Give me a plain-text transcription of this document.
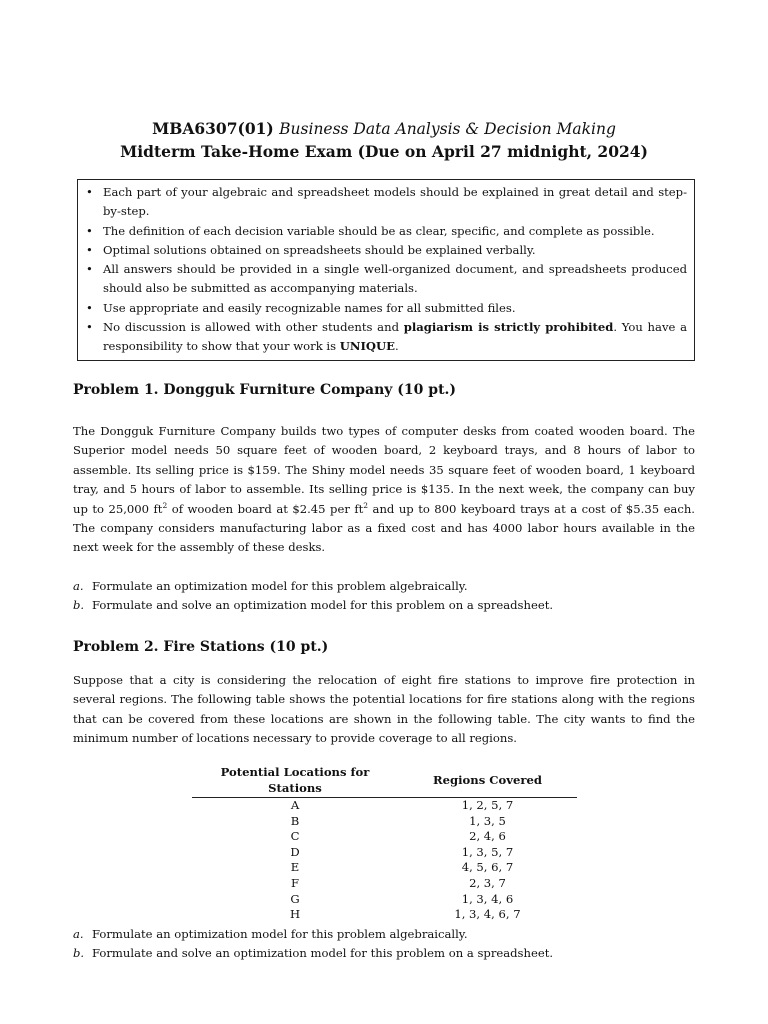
MBA6307(01) Business Data Analysis & Decision Making
Midterm Take-Home Exam (Due on April 27 midnight, 2024)
• Each part of your algebraic and spreadsheet models should be explained in great detail and step-by-step.
• The definition of each decision variable should be as clear, specific, and complete as possible.
• Optimal solutions obtained on spreadsheets should be explained verbally.
• All answers should be provided in a single well-organized document, and spreadsheets produced should also be submitted as accompanying materials.
• Use appropriate and easily recognizable names for all submitted files.
• No discussion is allowed with other students and plagiarism is strictly prohibited. You have a responsibility to show that your work is UNIQUE.
Problem 1. Dongguk Furniture Company (10 pt.)
The Dongguk Furniture Company builds two types of computer desks from coated wooden board. The Superior model needs 50 square feet of wooden board, 2 keyboard trays, and 8 hours of labor to assemble. Its selling price is $159. The Shiny model needs 35 square feet of wooden board, 1 keyboard tray, and 5 hours of labor to assemble. Its selling price is $135. In the next week, the company can buy up to 25,000 $ft^2$ of wooden board at $2.45 per $ft^2$ and up to 800 keyboard trays at a cost of $5.35 each. The company considers manufacturing labor as a fixed cost and has 4000 labor hours available in the next week for the assembly of these desks.
a. Formulate an optimization model for this problem algebraically.
b. Formulate and solve an optimization model for this problem on a spreadsheet.
Problem 2. Fire Stations (10 pt.)
Suppose that a city is considering the relocation of eight fire stations to improve fire protection in several regions. The following table shows the potential locations for fire stations along with the regions that can be covered from these locations are shown in the following table. The city wants to find the minimum number of locations necessary to provide coverage to all regions.
Potential Locations for Stations	Regions Covered
A	1, 2, 5, 7
B	1, 3, 5
C	2, 4, 6
D	1, 3, 5, 7
E	4, 5, 6, 7
F	2, 3, 7
G	1, 3, 4, 6
H	1, 3, 4, 6, 7
a. Formulate an optimization model for this problem algebraically.
b. Formulate and solve an optimization model for this problem on a spreadsheet.
